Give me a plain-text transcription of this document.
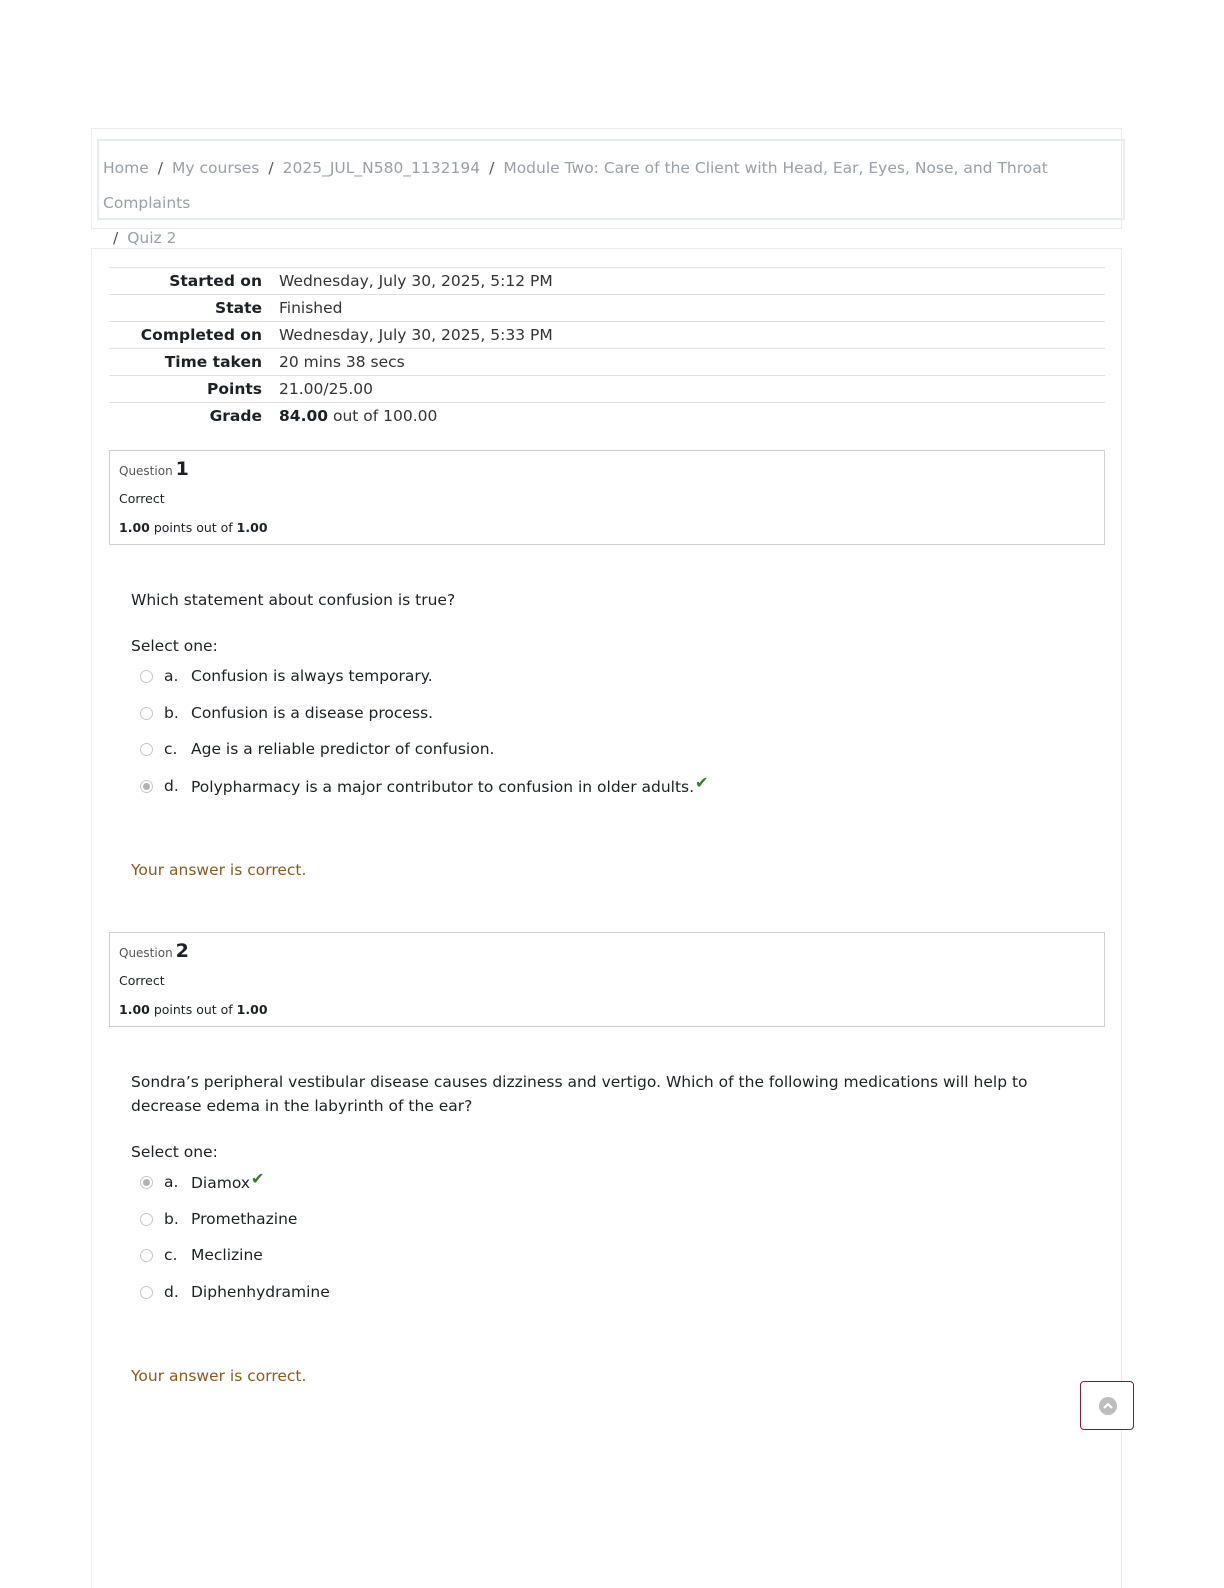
Home / My courses / 2025_JUL_N580_1132194 / Module Two: Care of the Client with Head, Ear, Eyes, Nose, and Throat Complaints
/ Quiz 2
Started on	Wednesday, July 30, 2025, 5:12 PM
State	Finished
Completed on	Wednesday, July 30, 2025, 5:33 PM
Time taken	20 mins 38 secs
Points	21.00/25.00
Grade	84.00 out of 100.00
Question 1
Correct
1.00 points out of 1.00
Which statement about confusion is true?
Select one:
a. Confusion is always temporary.
b. Confusion is a disease process.
c. Age is a reliable predictor of confusion.
d. Polypharmacy is a major contributor to confusion in older adults.✔
Your answer is correct.
Question 2
Correct
1.00 points out of 1.00
Sondra’s peripheral vestibular disease causes dizziness and vertigo. Which of the following medications will help to decrease edema in the labyrinth of the ear?
Select one:
a. Diamox✔
b. Promethazine
c. Meclizine
d. Diphenhydramine
Your answer is correct.
